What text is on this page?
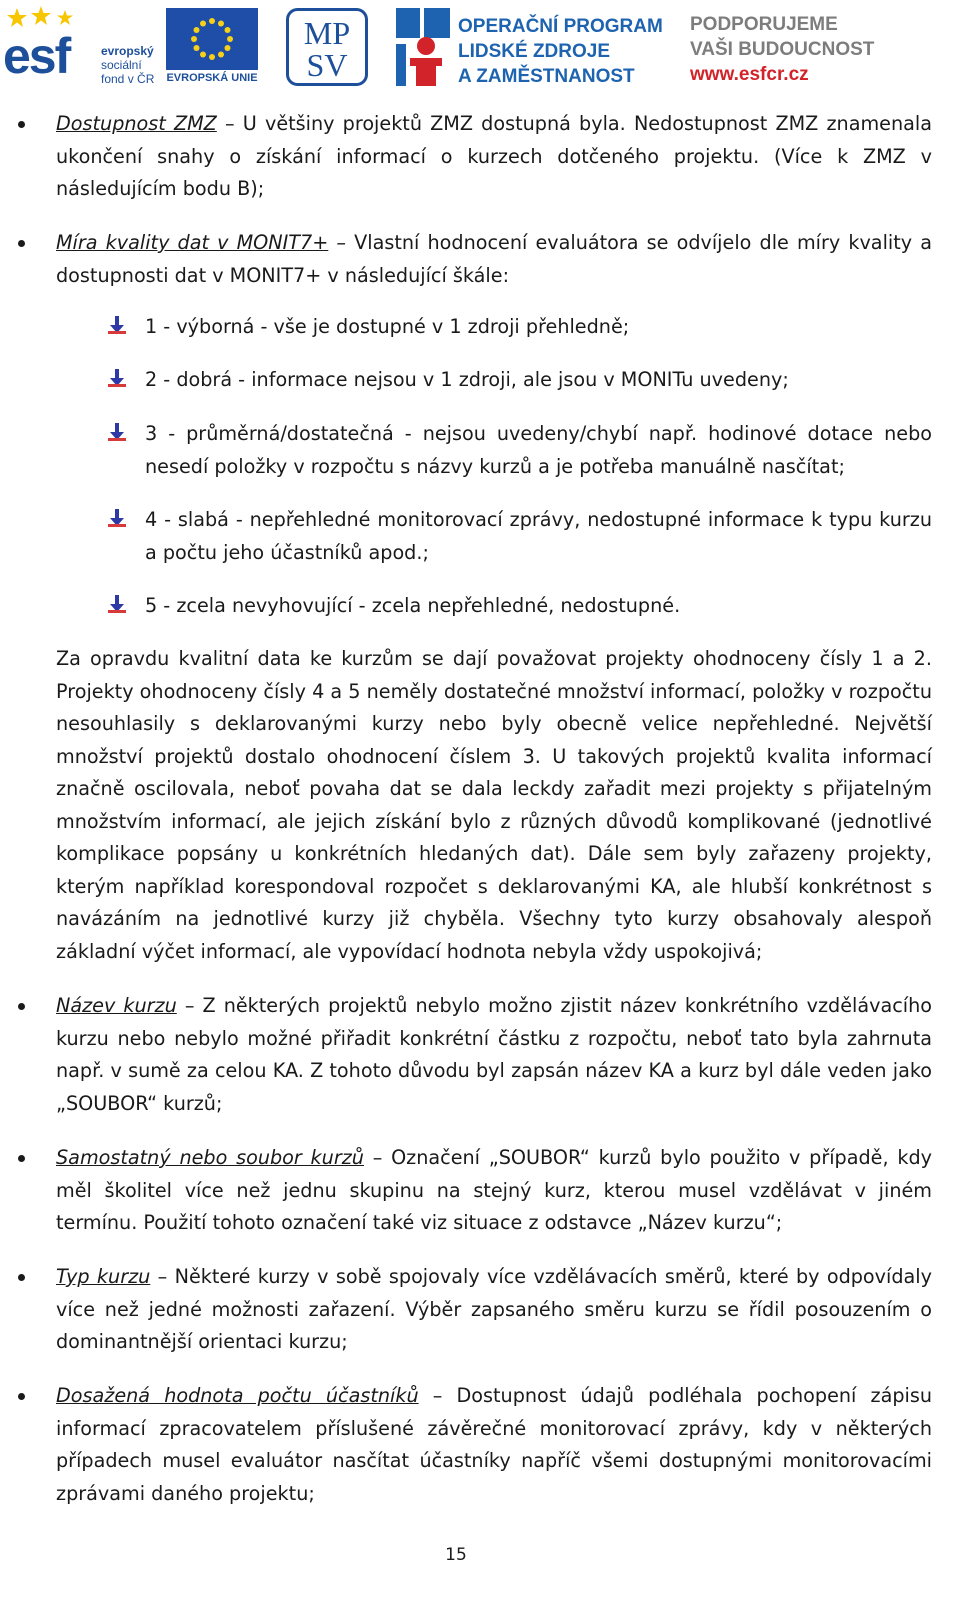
esf	evropský
sociální
fond v ČR EVROPSKÁ UNIE
MP
SV
OPERAČNÍ PROGRAM
LIDSKÉ ZDROJE
A ZAMĚSTNANOST
PODPORUJEME
VAŠI BUDOUCNOST
www.esfcr.cz
Dostupnost ZMZ – U většiny projektů ZMZ dostupná byla. Nedostupnost ZMZ znamenala ukončení snahy o získání informací o kurzech dotčeného projektu. (Více k ZMZ v následujícím bodu B);
Míra kvality dat v MONIT7+ – Vlastní hodnocení evaluátora se odvíjelo dle míry kvality a dostupnosti dat v MONIT7+ v následující škále:
1 - výborná - vše je dostupné v 1 zdroji přehledně;
2 - dobrá - informace nejsou v 1 zdroji, ale jsou v MONITu uvedeny;
3 - průměrná/dostatečná - nejsou uvedeny/chybí např. hodinové dotace nebo nesedí položky v rozpočtu s názvy kurzů a je potřeba manuálně nasčítat;
4 - slabá - nepřehledné monitorovací zprávy, nedostupné informace k typu kurzu a počtu jeho účastníků apod.;
5 - zcela nevyhovující - zcela nepřehledné, nedostupné.
Za opravdu kvalitní data ke kurzům se dají považovat projekty ohodnoceny čísly 1 a 2. Projekty ohodnoceny čísly 4 a 5 neměly dostatečné množství informací, položky v rozpočtu nesouhlasily s deklarovanými kurzy nebo byly obecně velice nepřehledné. Největší množství projektů dostalo ohodnocení číslem 3. U takových projektů kvalita informací značně oscilovala, neboť povaha dat se dala leckdy zařadit mezi projekty s přijatelným množstvím informací, ale jejich získání bylo z různých důvodů komplikované (jednotlivé komplikace popsány u konkrétních hledaných dat). Dále sem byly zařazeny projekty, kterým například korespondoval rozpočet s deklarovanými KA, ale hlubší konkrétnost s navázáním na jednotlivé kurzy již chyběla. Všechny tyto kurzy obsahovaly alespoň základní výčet informací, ale vypovídací hodnota nebyla vždy uspokojivá;
Název kurzu – Z některých projektů nebylo možno zjistit název konkrétního vzdělávacího kurzu nebo nebylo možné přiřadit konkrétní částku z rozpočtu, neboť tato byla zahrnuta např. v sumě za celou KA. Z tohoto důvodu byl zapsán název KA a kurz byl dále veden jako „SOUBOR“ kurzů;
Samostatný nebo soubor kurzů – Označení „SOUBOR“ kurzů bylo použito v případě, kdy měl školitel více než jednu skupinu na stejný kurz, kterou musel vzdělávat v jiném termínu. Použití tohoto označení také viz situace z odstavce „Název kurzu“;
Typ kurzu – Některé kurzy v sobě spojovaly více vzdělávacích směrů, které by odpovídaly více než jedné možnosti zařazení. Výběr zapsaného směru kurzu se řídil posouzením o dominantnější orientaci kurzu;
Dosažená hodnota počtu účastníků – Dostupnost údajů podléhala pochopení zápisu informací zpracovatelem příslušené závěrečné monitorovací zprávy, kdy v některých případech musel evaluátor nasčítat účastníky napříč všemi dostupnými monitorovacími zprávami daného projektu;
15
